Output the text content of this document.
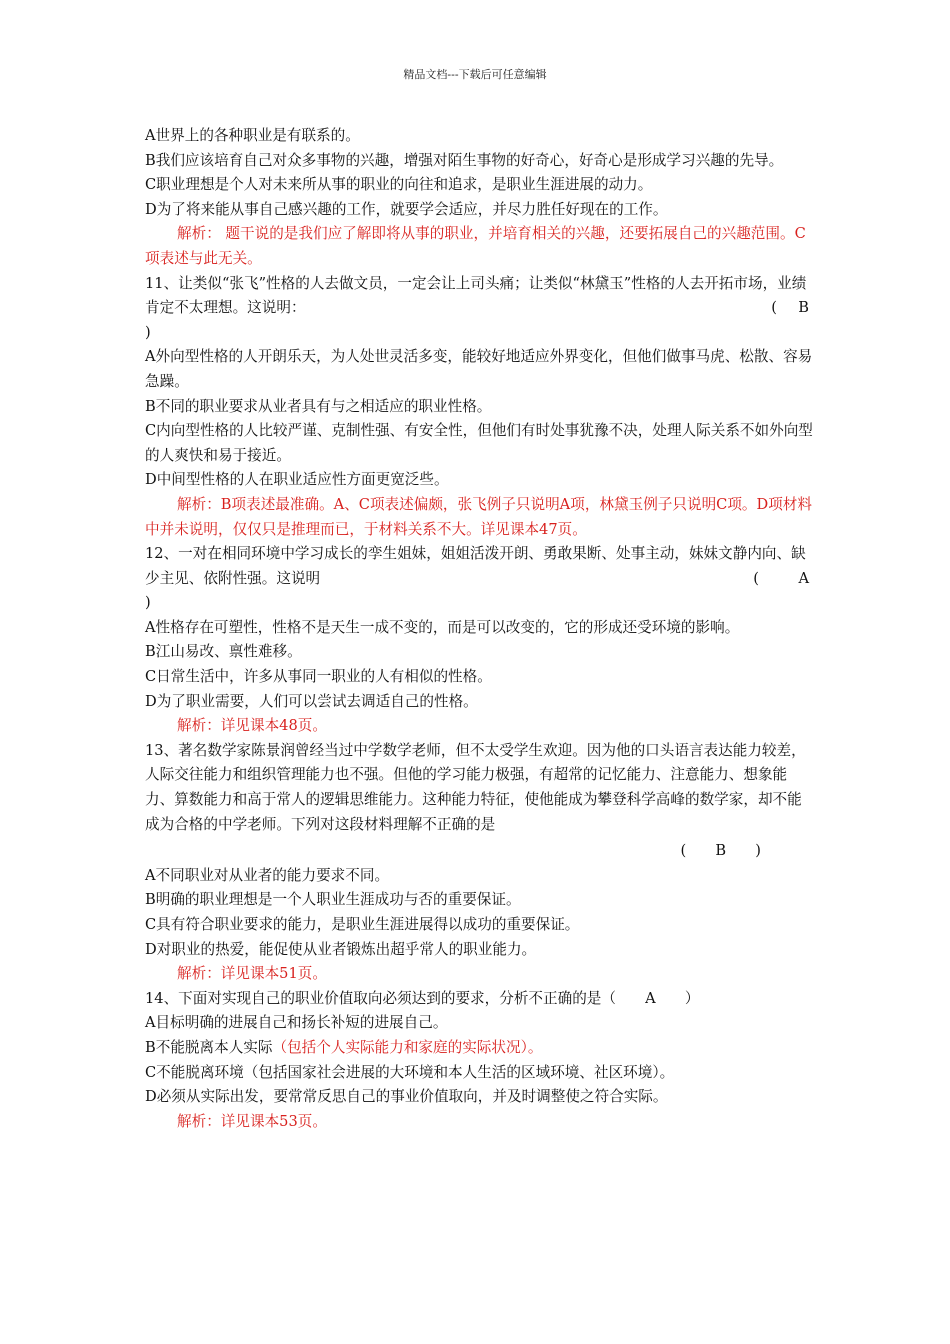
精品文档---下载后可任意编辑

A世界上的各种职业是有联系的。

B我们应该培育自己对众多事物的兴趣，增强对陌生事物的好奇心，好奇心是形成学习兴趣的先导。

C职业理想是个人对未来所从事的职业的向往和追求，是职业生涯进展的动力。

D为了将来能从事自己感兴趣的工作，就要学会适应，并尽力胜任好现在的工作。

解析： 题干说的是我们应了解即将从事的职业，并培育相关的兴趣，还要拓展自己的兴趣范围。C项表述与此无关。

11、让类似“张飞”性格的人去做文员，一定会让上司头痛；让类似“林黛玉”性格的人去开拓市场，业绩肯定不太理想。这说明：	( B

)

A外向型性格的人开朗乐天，为人处世灵活多变，能较好地适应外界变化，但他们做事马虎、松散、容易急躁。

B不同的职业要求从业者具有与之相适应的职业性格。

C内向型性格的人比较严谨、克制性强、有安全性，但他们有时处事犹豫不决，处理人际关系不如外向型的人爽快和易于接近。

D中间型性格的人在职业适应性方面更宽泛些。

解析：B项表述最准确。A、C项表述偏颇，张飞例子只说明A项，林黛玉例子只说明C项。D项材料中并未说明，仅仅只是推理而已，于材料关系不大。详见课本47页。

12、一对在相同环境中学习成长的孪生姐妹，姐姐活泼开朗、勇敢果断、处事主动，妹妹文静内向、缺少主见、依附性强。这说明	(	A

)

A性格存在可塑性，性格不是天生一成不变的，而是可以改变的，它的形成还受环境的影响。

B江山易改、禀性难移。

C日常生活中，许多从事同一职业的人有相似的性格。

D为了职业需要，人们可以尝试去调适自己的性格。

解析：详见课本48页。

13、著名数学家陈景润曾经当过中学数学老师，但不太受学生欢迎。因为他的口头语言表达能力较差，人际交往能力和组织管理能力也不强。但他的学习能力极强，有超常的记忆能力、注意能力、想象能力、算数能力和高于常人的逻辑思维能力。这种能力特征，使他能成为攀登科学高峰的数学家，却不能成为合格的中学老师。下列对这段材料理解不正确的是

(　　B　　)

A不同职业对从业者的能力要求不同。

B明确的职业理想是一个人职业生涯成功与否的重要保证。

C具有符合职业要求的能力，是职业生涯进展得以成功的重要保证。

D对职业的热爱，能促使从业者锻炼出超乎常人的职业能力。

解析：详见课本51页。

14、下面对实现自己的职业价值取向必须达到的要求，分析不正确的是（　　A　　）

A目标明确的进展自己和扬长补短的进展自己。

B不能脱离本人实际（包括个人实际能力和家庭的实际状况）。

C不能脱离环境（包括国家社会进展的大环境和本人生活的区域环境、社区环境）。

D必须从实际出发，要常常反思自己的事业价值取向，并及时调整使之符合实际。

解析：详见课本53页。
